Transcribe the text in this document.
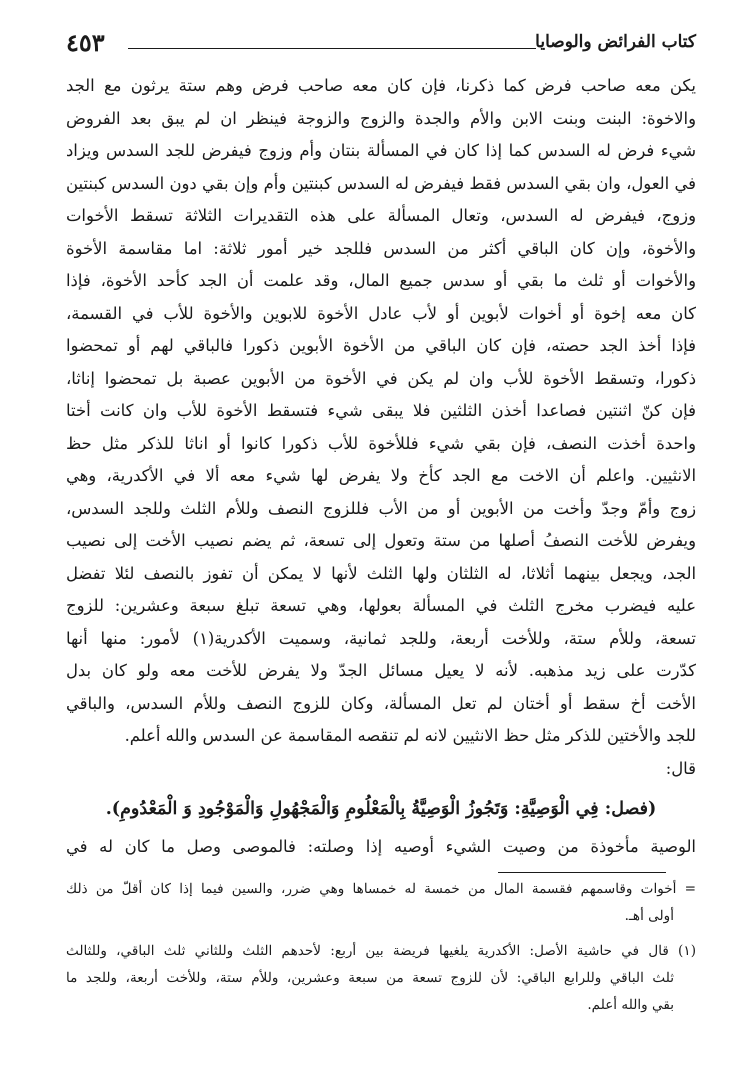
كتاب الفرائض والوصايا
٤٥٣
يكن معه صاحب فرض كما ذكرنا، فإن كان معه صاحب فرض وهم ستة يرثون مع الجد
والاخوة: البنت وبنت الابن والأم والجدة والزوج والزوجة فينظر ان لم يبق بعد الفروض
شيء فرض له السدس كما إذا كان في المسألة بنتان وأم وزوج فيفرض للجد السدس ويزاد
في العول، وان بقي السدس فقط فيفرض له السدس كبنتين وأم وإن بقي دون السدس كبنتين
وزوج، فيفرض له السدس، وتعال المسألة على هذه التقديرات الثلاثة تسقط الأخوات
والأخوة، وإن كان الباقي أكثر من السدس فللجد خير أمور ثلاثة: اما مقاسمة الأخوة
والأخوات أو ثلث ما بقي أو سدس جميع المال، وقد علمت أن الجد كأحد الأخوة، فإذا
كان معه إخوة أو أخوات لأبوين أو لأب عادل الأخوة للابوين والأخوة للأب في القسمة،
فإذا أخذ الجد حصته، فإن كان الباقي من الأخوة الأبوين ذكورا فالباقي لهم أو تمحضوا
ذكورا، وتسقط الأخوة للأب وان لم يكن في الأخوة من الأبوين عصبة بل تمحضوا إناثا،
فإن كنّ اثنتين فصاعدا أخذن الثلثين فلا يبقى شيء فتسقط الأخوة للأب وان كانت أختا
واحدة أخذت النصف، فإن بقي شيء فللأخوة للأب ذكورا كانوا أو اناثا للذكر مثل حظ
الانثيين. واعلم أن الاخت مع الجد كأخ ولا يفرض لها شيء معه ألا في الأكدرية، وهي
زوج وأمّ وجدّ وأخت من الأبوين أو من الأب فللزوج النصف وللأم الثلث وللجد السدس،
ويفرض للأخت النصفُ أصلها من ستة وتعول إلى تسعة، ثم يضم نصيب الأخت إلى نصيب
الجد، ويجعل بينهما أثلاثا، له الثلثان ولها الثلث لأنها لا يمكن أن تفوز بالنصف لئلا تفضل
عليه فيضرب مخرج الثلث في المسألة بعولها، وهي تسعة تبلغ سبعة وعشرين: للزوج
تسعة، وللأم ستة، وللأخت أربعة، وللجد ثمانية، وسميت الأكدرية(١) لأمور: منها أنها
كدّرت على زيد مذهبه. لأنه لا يعيل مسائل الجدّ ولا يفرض للأخت معه ولو كان بدل
الأخت أخ سقط أو أختان لم تعل المسألة، وكان للزوج النصف وللأم السدس، والباقي
للجد والأختين للذكر مثل حظ الانثيين لانه لم تنقصه المقاسمة عن السدس والله أعلم.
قال:
(فصل: فِي الْوَصِيَّةِ: وَتَجُوزُ الْوَصِيَّةُ بِالْمَعْلُومِ وَالْمَجْهُولِ وَالْمَوْجُودِ وَ الْمَعْدُومِ).
الوصية مأخوذة من وصيت الشيء أوصيه إذا وصلته: فالموصى وصل ما كان له في
= أخوات وقاسمهم فقسمة المال من خمسة له خمساها وهي ضرر، والسين فيما إذا كان أقلّ من ذلك
أولى أهـ.
(١) قال في حاشية الأصل: الأكدرية يلغيها فريضة بين أربع: لأحدهم الثلث وللثاني ثلث الباقي، وللثالث
ثلث الباقي وللرابع الباقي: لأن للزوج تسعة من سبعة وعشرين، وللأم ستة، وللأخت أربعة، وللجد ما
بقي والله أعلم.
